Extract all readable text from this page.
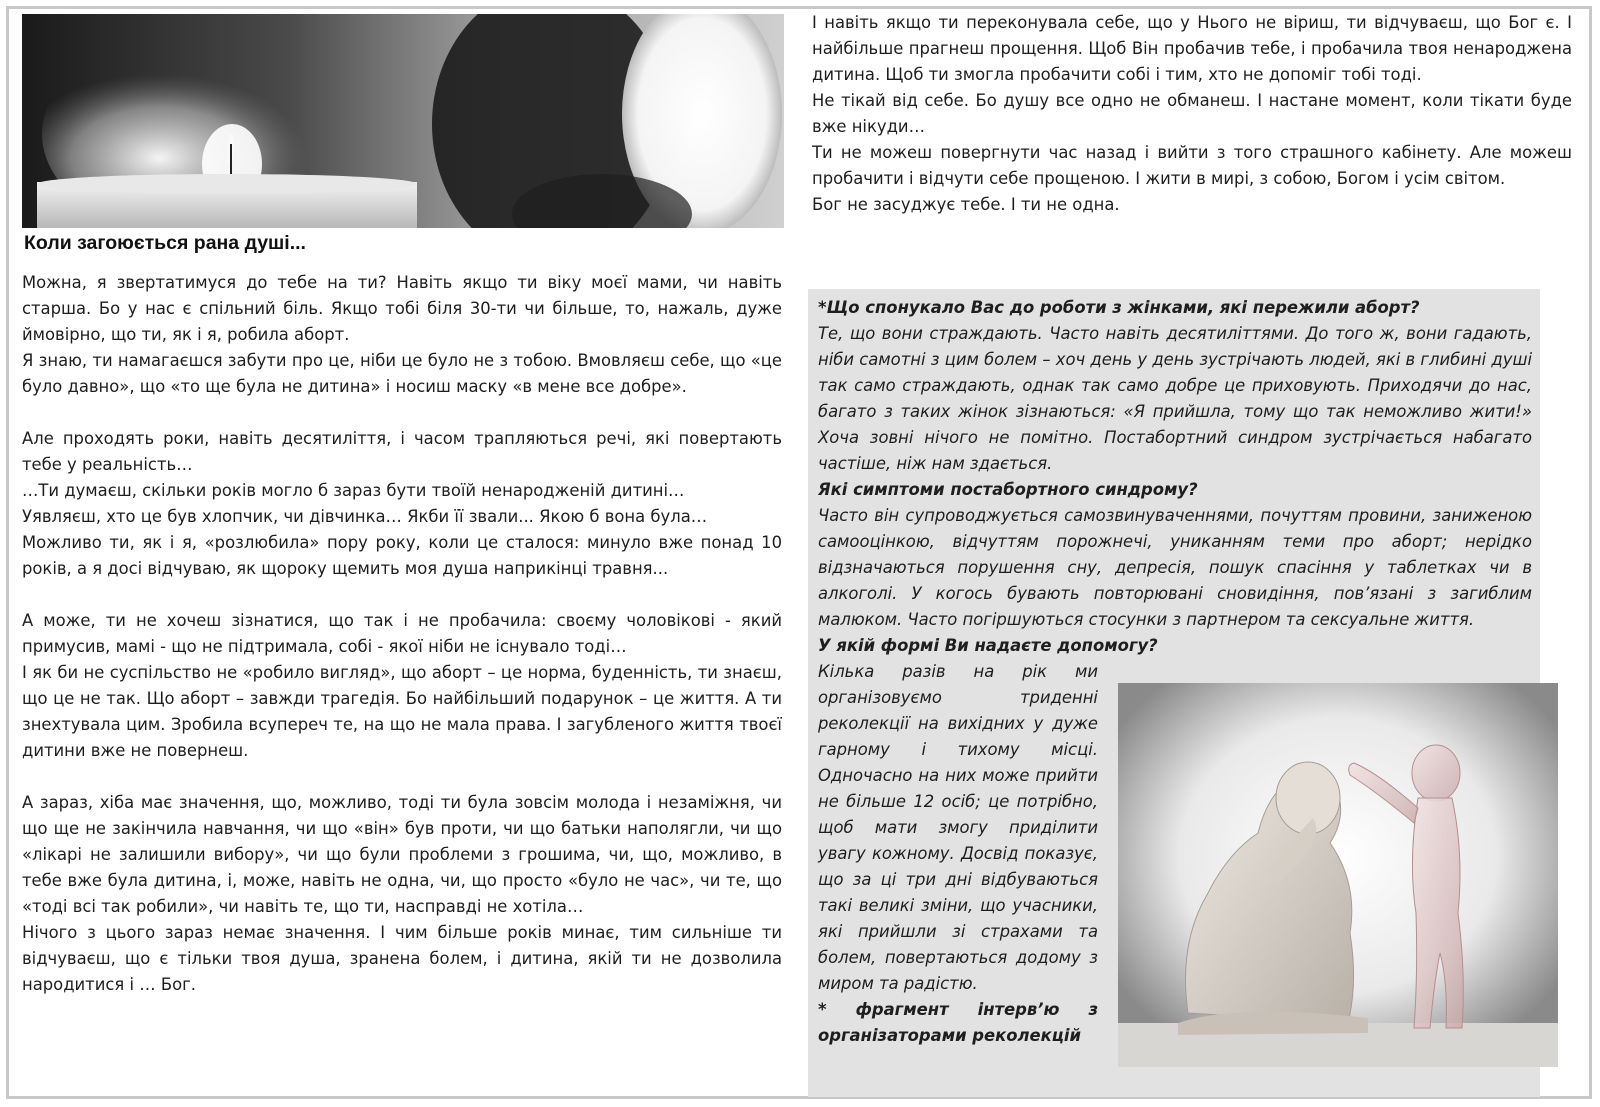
Коли загоюється рана душі...

Можна, я звертатимуся до тебе на ти? Навіть якщо ти віку моєї мами, чи навіть старша. Бо у нас є спільний біль. Якщо тобі біля 30-ти чи більше, то, нажаль, дуже ймовірно, що ти, як і я, робила аборт.

Я знаю, ти намагаєшся забути про це, ніби це було не з тобою. Вмовляєш себе, що «це було давно», що «то ще була не дитина» і носиш маску «в мене все добре».

Але проходять роки, навіть десятиліття, і часом трапляються речі, які повертають тебе у реальність…

…Ти думаєш, скільки років могло б зараз бути твоїй ненародженій дитині…

Уявляєш, хто це був хлопчик, чи дівчинка… Якби її звали... Якою б вона була…

Можливо ти, як і я, «розлюбила» пору року, коли це сталося: минуло вже понад 10 років, а я досі відчуваю, як щороку щемить моя душа наприкінці травня...

А може, ти не хочеш зізнатися, що так і не пробачила: своєму чоловікові - який примусив, мамі - що не підтримала, собі - якої ніби не існувало тоді…

І як би не суспільство не «робило вигляд», що аборт – це норма, буденність, ти знаєш, що це не так. Що аборт – завжди трагедія. Бо найбільший подарунок – це життя. А ти знехтувала цим. Зробила всупереч те, на що не мала права. І загубленого життя твоєї дитини вже не повернеш.

А зараз, хіба має значення, що, можливо, тоді ти була зовсім молода і незаміжня, чи що ще не закінчила навчання, чи що «він» був проти, чи що батьки наполягли, чи що «лікарі не залишили вибору», чи що були проблеми з грошима, чи, що, можливо, в тебе вже була дитина, і, може, навіть не одна, чи, що просто «було не час», чи те, що «тоді всі так робили», чи навіть те, що ти, насправді не хотіла…

Нічого з цього зараз немає значення. І чим більше років минає, тим сильніше ти відчуваєш, що є тільки твоя душа, зранена болем, і дитина, якій ти не дозволила народитися і … Бог.

І навіть якщо ти переконувала себе, що у Нього не віриш, ти відчуваєш, що Бог є. І найбільше прагнеш прощення. Щоб Він пробачив тебе, і пробачила твоя ненароджена дитина. Щоб ти змогла пробачити собі і тим, хто не допоміг тобі тоді.

Не тікай від себе. Бо душу все одно не обманеш. І настане момент, коли тікати буде вже нікуди…

Ти не можеш повергнути час назад і вийти з того страшного кабінету. Але можеш пробачити і відчути себе прощеною. І жити в мирі, з собою, Богом і усім світом.

Бог не засуджує тебе. І ти не одна.

*Що спонукало Вас до роботи з жінками, які пережили аборт?

Те, що вони страждають. Часто навіть десятиліттями. До того ж, вони гадають, ніби самотні з цим болем – хоч день у день зустрічають людей, які в глибині душі так само страждають, однак так само добре це приховують. Приходячи до нас, багато з таких жінок зізнаються: «Я прийшла, тому що так неможливо жити!» Хоча зовні нічого не помітно. Постабортний синдром зустрічається набагато частіше, ніж нам здається.

Які симптоми постабортного синдрому?

Часто він супроводжується самозвинуваченнями, почуттям провини, заниженою самооцінкою, відчуттям порожнечі, униканням теми про аборт; нерідко відзначаються порушення сну, депресія, пошук спасіння у таблетках чи в алкоголі. У когось бувають повторювані сновидіння, пов’язані з загиблим малюком. Часто погіршуються стосунки з партнером та сексуальне життя.

У якій формі Ви надаєте допомогу?

Кілька разів на рік ми організовуємо триденні реколекції на вихідних у дуже гарному і тихому місці. Одночасно на них може прийти не більше 12 осіб; це потрібно, щоб мати змогу приділити увагу кожному. Досвід показує, що за ці три дні відбуваються такі великі зміни, що учасники, які прийшли зі страхами та болем, повертаються додому з миром та радістю.

* фрагмент інтерв’ю з організаторами реколекцій
